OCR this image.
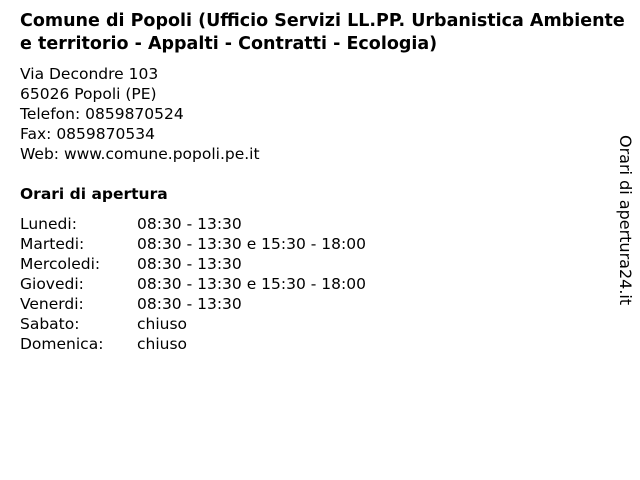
Comune di Popoli (Ufficio Servizi LL.PP. Urbanistica Ambiente e territorio - Appalti - Contratti - Ecologia)
Via Decondre 103
65026 Popoli (PE)
Telefon: 0859870524
Fax: 0859870534
Web: www.comune.popoli.pe.it
Orari di apertura
Lunedi:	08:30 - 13:30
Martedi:	08:30 - 13:30 e 15:30 - 18:00
Mercoledi: 08:30 - 13:30
Giovedi:	08:30 - 13:30 e 15:30 - 18:00
Venerdi:	08:30 - 13:30
Sabato:	chiuso
Domenica: chiuso
Orari di apertura24.it
